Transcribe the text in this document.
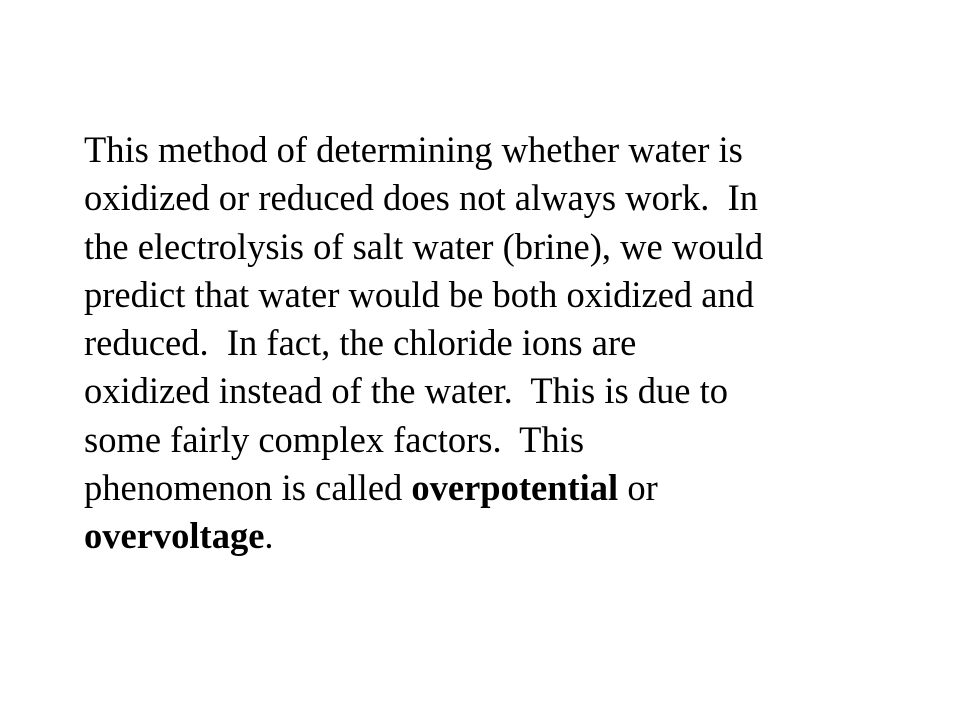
This method of determining whether water is
oxidized or reduced does not always work.  In
the electrolysis of salt water (brine), we would
predict that water would be both oxidized and
reduced.  In fact, the chloride ions are
oxidized instead of the water.  This is due to
some fairly complex factors.  This
phenomenon is called overpotential or
overvoltage.
